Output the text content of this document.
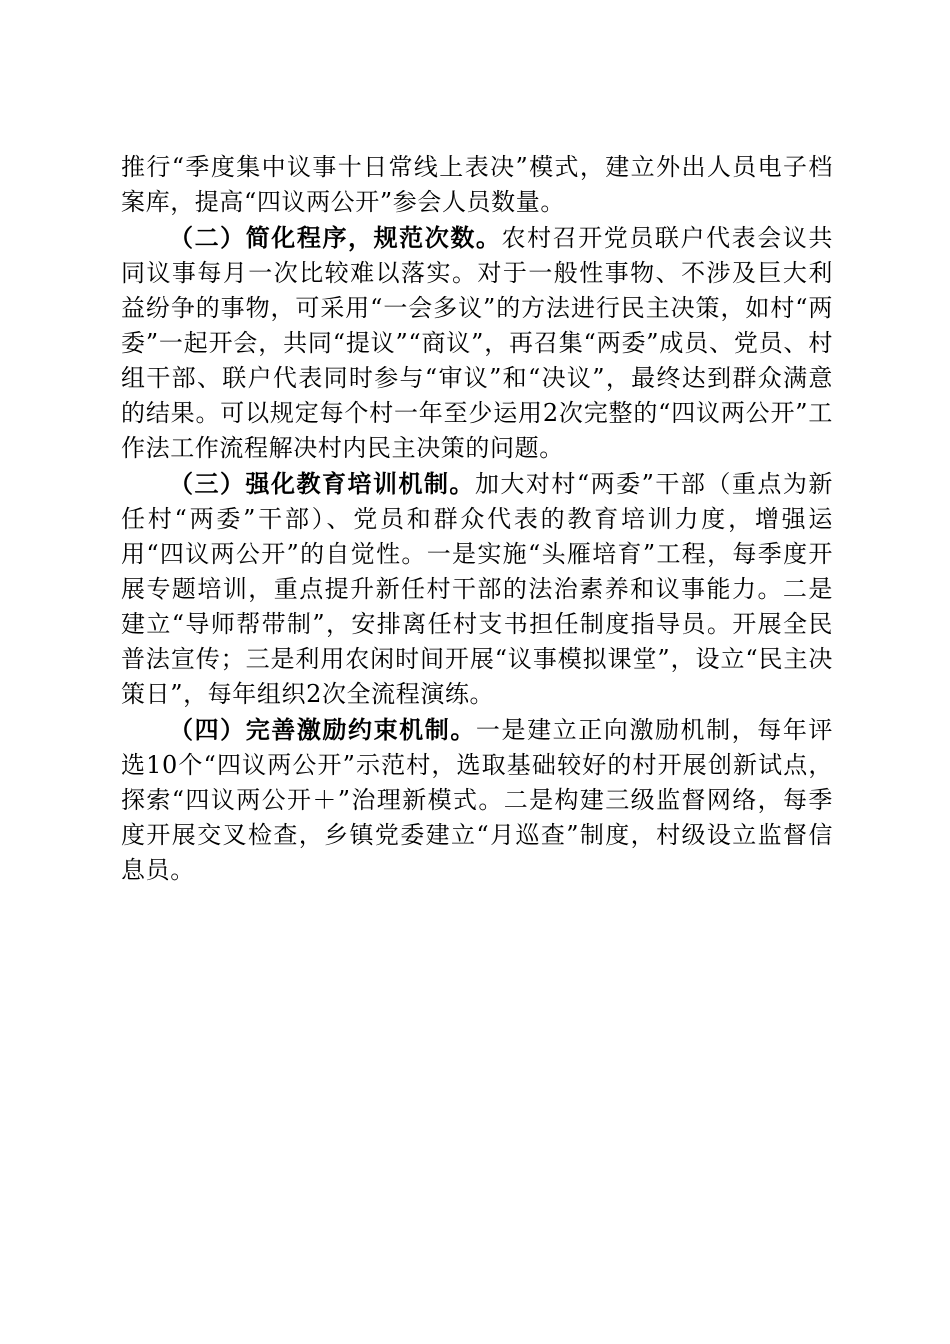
推行“季度集中议事十日常线上表决”模式，建立外出人员电子档案库，提高“四议两公开”参会人员数量。

（二）简化程序，规范次数。农村召开党员联户代表会议共同议事每月一次比较难以落实。对于一般性事物、不涉及巨大利益纷争的事物，可采用“一会多议”的方法进行民主决策，如村“两委”一起开会，共同“提议”“商议”，再召集“两委”成员、党员、村组干部、联户代表同时参与“审议”和“决议”，最终达到群众满意的结果。可以规定每个村一年至少运用2次完整的“四议两公开”工作法工作流程解决村内民主决策的问题。

（三）强化教育培训机制。加大对村“两委”干部（重点为新任村“两委”干部）、党员和群众代表的教育培训力度，增强运用“四议两公开”的自觉性。一是实施“头雁培育”工程，每季度开展专题培训，重点提升新任村干部的法治素养和议事能力。二是建立“导师帮带制”，安排离任村支书担任制度指导员。开展全民普法宣传；三是利用农闲时间开展“议事模拟课堂”，设立“民主决策日”，每年组织2次全流程演练。

（四）完善激励约束机制。一是建立正向激励机制，每年评选10个“四议两公开”示范村，选取基础较好的村开展创新试点，探索“四议两公开＋”治理新模式。二是构建三级监督网络，每季度开展交叉检查，乡镇党委建立“月巡查”制度，村级设立监督信息员。
